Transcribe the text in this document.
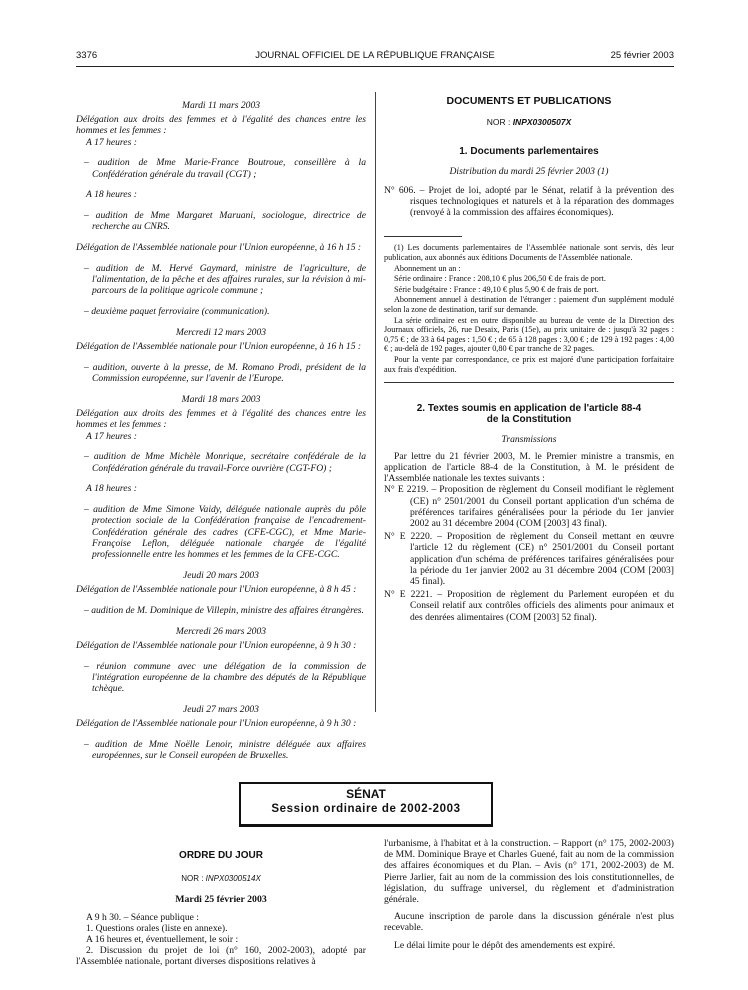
3376	JOURNAL OFFICIEL DE LA RÉPUBLIQUE FRANÇAISE	25 février 2003
Mardi 11 mars 2003

Délégation aux droits des femmes et à l'égalité des chances entre les hommes et les femmes :

A 17 heures :

– audition de Mme Marie-France Boutroue, conseillère à la Confédération générale du travail (CGT) ;

A 18 heures :

– audition de Mme Margaret Maruani, sociologue, directrice de recherche au CNRS.

Délégation de l'Assemblée nationale pour l'Union européenne, à 16 h 15 :

– audition de M. Hervé Gaymard, ministre de l'agriculture, de l'alimentation, de la pêche et des affaires rurales, sur la révision à mi-parcours de la politique agricole commune ;

– deuxième paquet ferroviaire (communication).

Mercredi 12 mars 2003

Délégation de l'Assemblée nationale pour l'Union européenne, à 16 h 15 :

– audition, ouverte à la presse, de M. Romano Prodi, président de la Commission européenne, sur l'avenir de l'Europe.

Mardi 18 mars 2003

Délégation aux droits des femmes et à l'égalité des chances entre les hommes et les femmes :

A 17 heures :

– audition de Mme Michèle Monrique, secrétaire confédérale de la Confédération générale du travail-Force ouvrière (CGT-FO) ;

A 18 heures :

– audition de Mme Simone Vaidy, déléguée nationale auprès du pôle protection sociale de la Confédération française de l'encadrement-Confédération générale des cadres (CFE-CGC), et Mme Marie-Françoise Leflon, déléguée nationale chargée de l'égalité professionnelle entre les hommes et les femmes de la CFE-CGC.

Jeudi 20 mars 2003

Délégation de l'Assemblée nationale pour l'Union européenne, à 8 h 45 :

– audition de M. Dominique de Villepin, ministre des affaires étrangères.

Mercredi 26 mars 2003

Délégation de l'Assemblée nationale pour l'Union européenne, à 9 h 30 :

– réunion commune avec une délégation de la commission de l'intégration européenne de la chambre des députés de la République tchèque.

Jeudi 27 mars 2003

Délégation de l'Assemblée nationale pour l'Union européenne, à 9 h 30 :

– audition de Mme Noëlle Lenoir, ministre déléguée aux affaires européennes, sur le Conseil européen de Bruxelles.

DOCUMENTS ET PUBLICATIONS
NOR : INPX0300507X
1. Documents parlementaires
Distribution du mardi 25 février 2003 (1)

N° 606. – Projet de loi, adopté par le Sénat, relatif à la prévention des risques technologiques et naturels et à la réparation des dommages (renvoyé à la commission des affaires économiques).

(1) Les documents parlementaires de l'Assemblée nationale sont servis, dès leur publication, aux abonnés aux éditions Documents de l'Assemblée nationale.

Abonnement un an :

Série ordinaire : France : 208,10 € plus 206,50 € de frais de port.

Série budgétaire : France : 49,10 € plus 5,90 € de frais de port.

Abonnement annuel à destination de l'étranger : paiement d'un supplément modulé selon la zone de destination, tarif sur demande.

La série ordinaire est en outre disponible au bureau de vente de la Direction des Journaux officiels, 26, rue Desaix, Paris (15e), au prix unitaire de : jusqu'à 32 pages : 0,75 € ; de 33 à 64 pages : 1,50 € ; de 65 à 128 pages : 3,00 € ; de 129 à 192 pages : 4,00 € ; au-delà de 192 pages, ajouter 0,80 € par tranche de 32 pages.

Pour la vente par correspondance, ce prix est majoré d'une participation forfaitaire aux frais d'expédition.

2. Textes soumis en application de l'article 88-4
de la Constitution
Transmissions

Par lettre du 21 février 2003, M. le Premier ministre a transmis, en application de l'article 88-4 de la Constitution, à M. le président de l'Assemblée nationale les textes suivants :

N° E 2219. – Proposition de règlement du Conseil modifiant le règlement (CE) n° 2501/2001 du Conseil portant application d'un schéma de préférences tarifaires généralisées pour la période du 1er janvier 2002 au 31 décembre 2004 (COM [2003] 43 final).

N° E 2220. – Proposition de règlement du Conseil mettant en œuvre l'article 12 du règlement (CE) n° 2501/2001 du Conseil portant application d'un schéma de préférences tarifaires généralisées pour la période du 1er janvier 2002 au 31 décembre 2004 (COM [2003] 45 final).

N° E 2221. – Proposition de règlement du Parlement européen et du Conseil relatif aux contrôles officiels des aliments pour animaux et des denrées alimentaires (COM [2003] 52 final).

SÉNAT
Session ordinaire de 2002-2003
ORDRE DU JOUR
NOR : INPX0300514X
Mardi 25 février 2003

A 9 h 30. – Séance publique :

1. Questions orales (liste en annexe).

A 16 heures et, éventuellement, le soir :

2. Discussion du projet de loi (n° 160, 2002-2003), adopté par l'Assemblée nationale, portant diverses dispositions relatives à

l'urbanisme, à l'habitat et à la construction. – Rapport (n° 175, 2002-2003) de MM. Dominique Braye et Charles Guené, fait au nom de la commission des affaires économiques et du Plan. – Avis (n° 171, 2002-2003) de M. Pierre Jarlier, fait au nom de la commission des lois constitutionnelles, de législation, du suffrage universel, du règlement et d'administration générale.

Aucune inscription de parole dans la discussion générale n'est plus recevable.

Le délai limite pour le dépôt des amendements est expiré.
